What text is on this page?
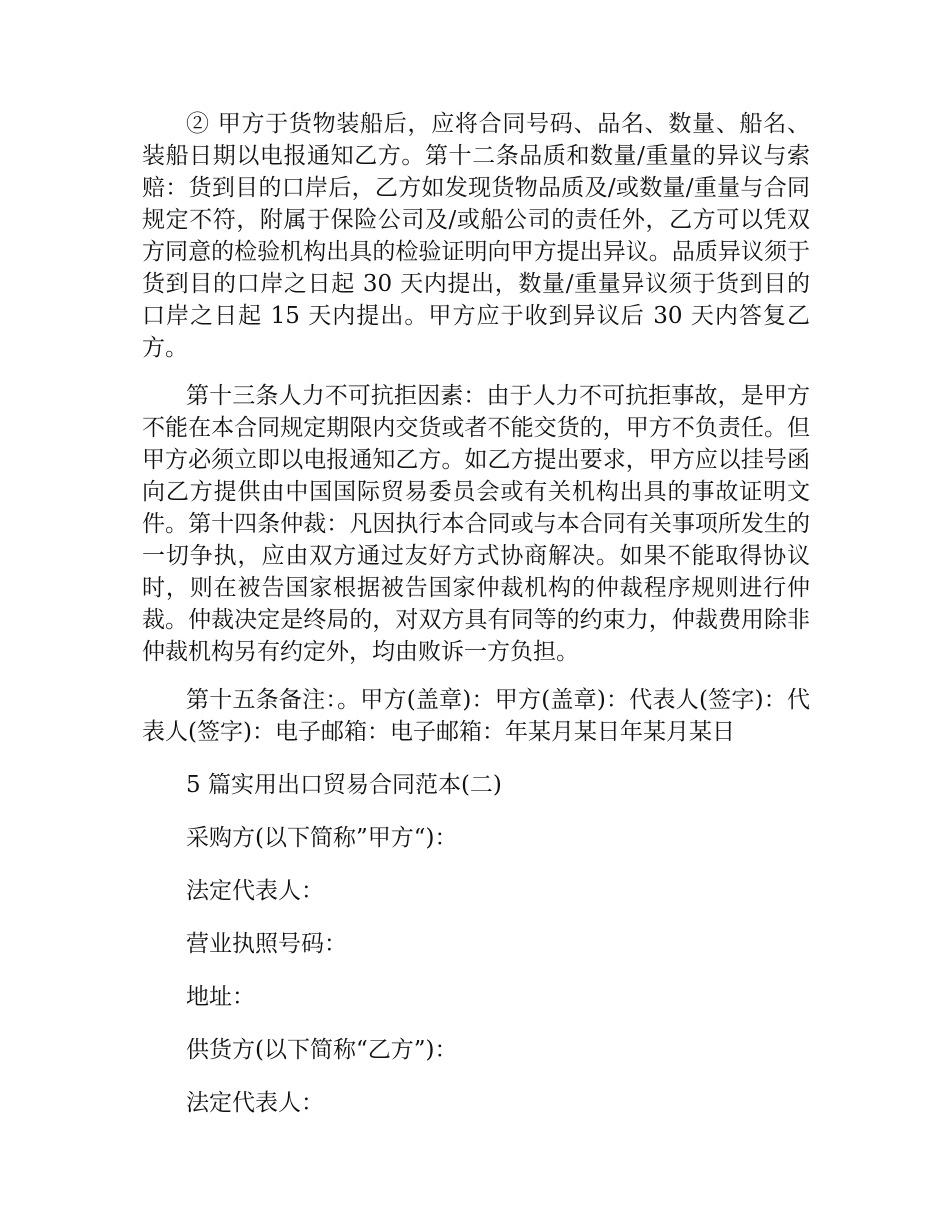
② 甲方于货物装船后，应将合同号码、品名、数量、船名、装船日期以电报通知乙方。第十二条品质和数量/重量的异议与索赔：货到目的口岸后，乙方如发现货物品质及/或数量/重量与合同规定不符，附属于保险公司及/或船公司的责任外，乙方可以凭双方同意的检验机构出具的检验证明向甲方提出异议。品质异议须于货到目的口岸之日起 30 天内提出，数量/重量异议须于货到目的口岸之日起 15 天内提出。甲方应于收到异议后 30 天内答复乙方。

第十三条人力不可抗拒因素：由于人力不可抗拒事故，是甲方不能在本合同规定期限内交货或者不能交货的，甲方不负责任。但甲方必须立即以电报通知乙方。如乙方提出要求，甲方应以挂号函向乙方提供由中国国际贸易委员会或有关机构出具的事故证明文件。第十四条仲裁：凡因执行本合同或与本合同有关事项所发生的一切争执，应由双方通过友好方式协商解决。如果不能取得协议时，则在被告国家根据被告国家仲裁机构的仲裁程序规则进行仲裁。仲裁决定是终局的，对双方具有同等的约束力，仲裁费用除非仲裁机构另有约定外，均由败诉一方负担。

第十五条备注：。甲方(盖章)：甲方(盖章)：代表人(签字)：代表人(签字)：电子邮箱：电子邮箱：年某月某日年某月某日

5 篇实用出口贸易合同范本(二)

采购方(以下简称”甲方“)：

法定代表人：

营业执照号码：

地址：

供货方(以下简称“乙方”)：

法定代表人：
